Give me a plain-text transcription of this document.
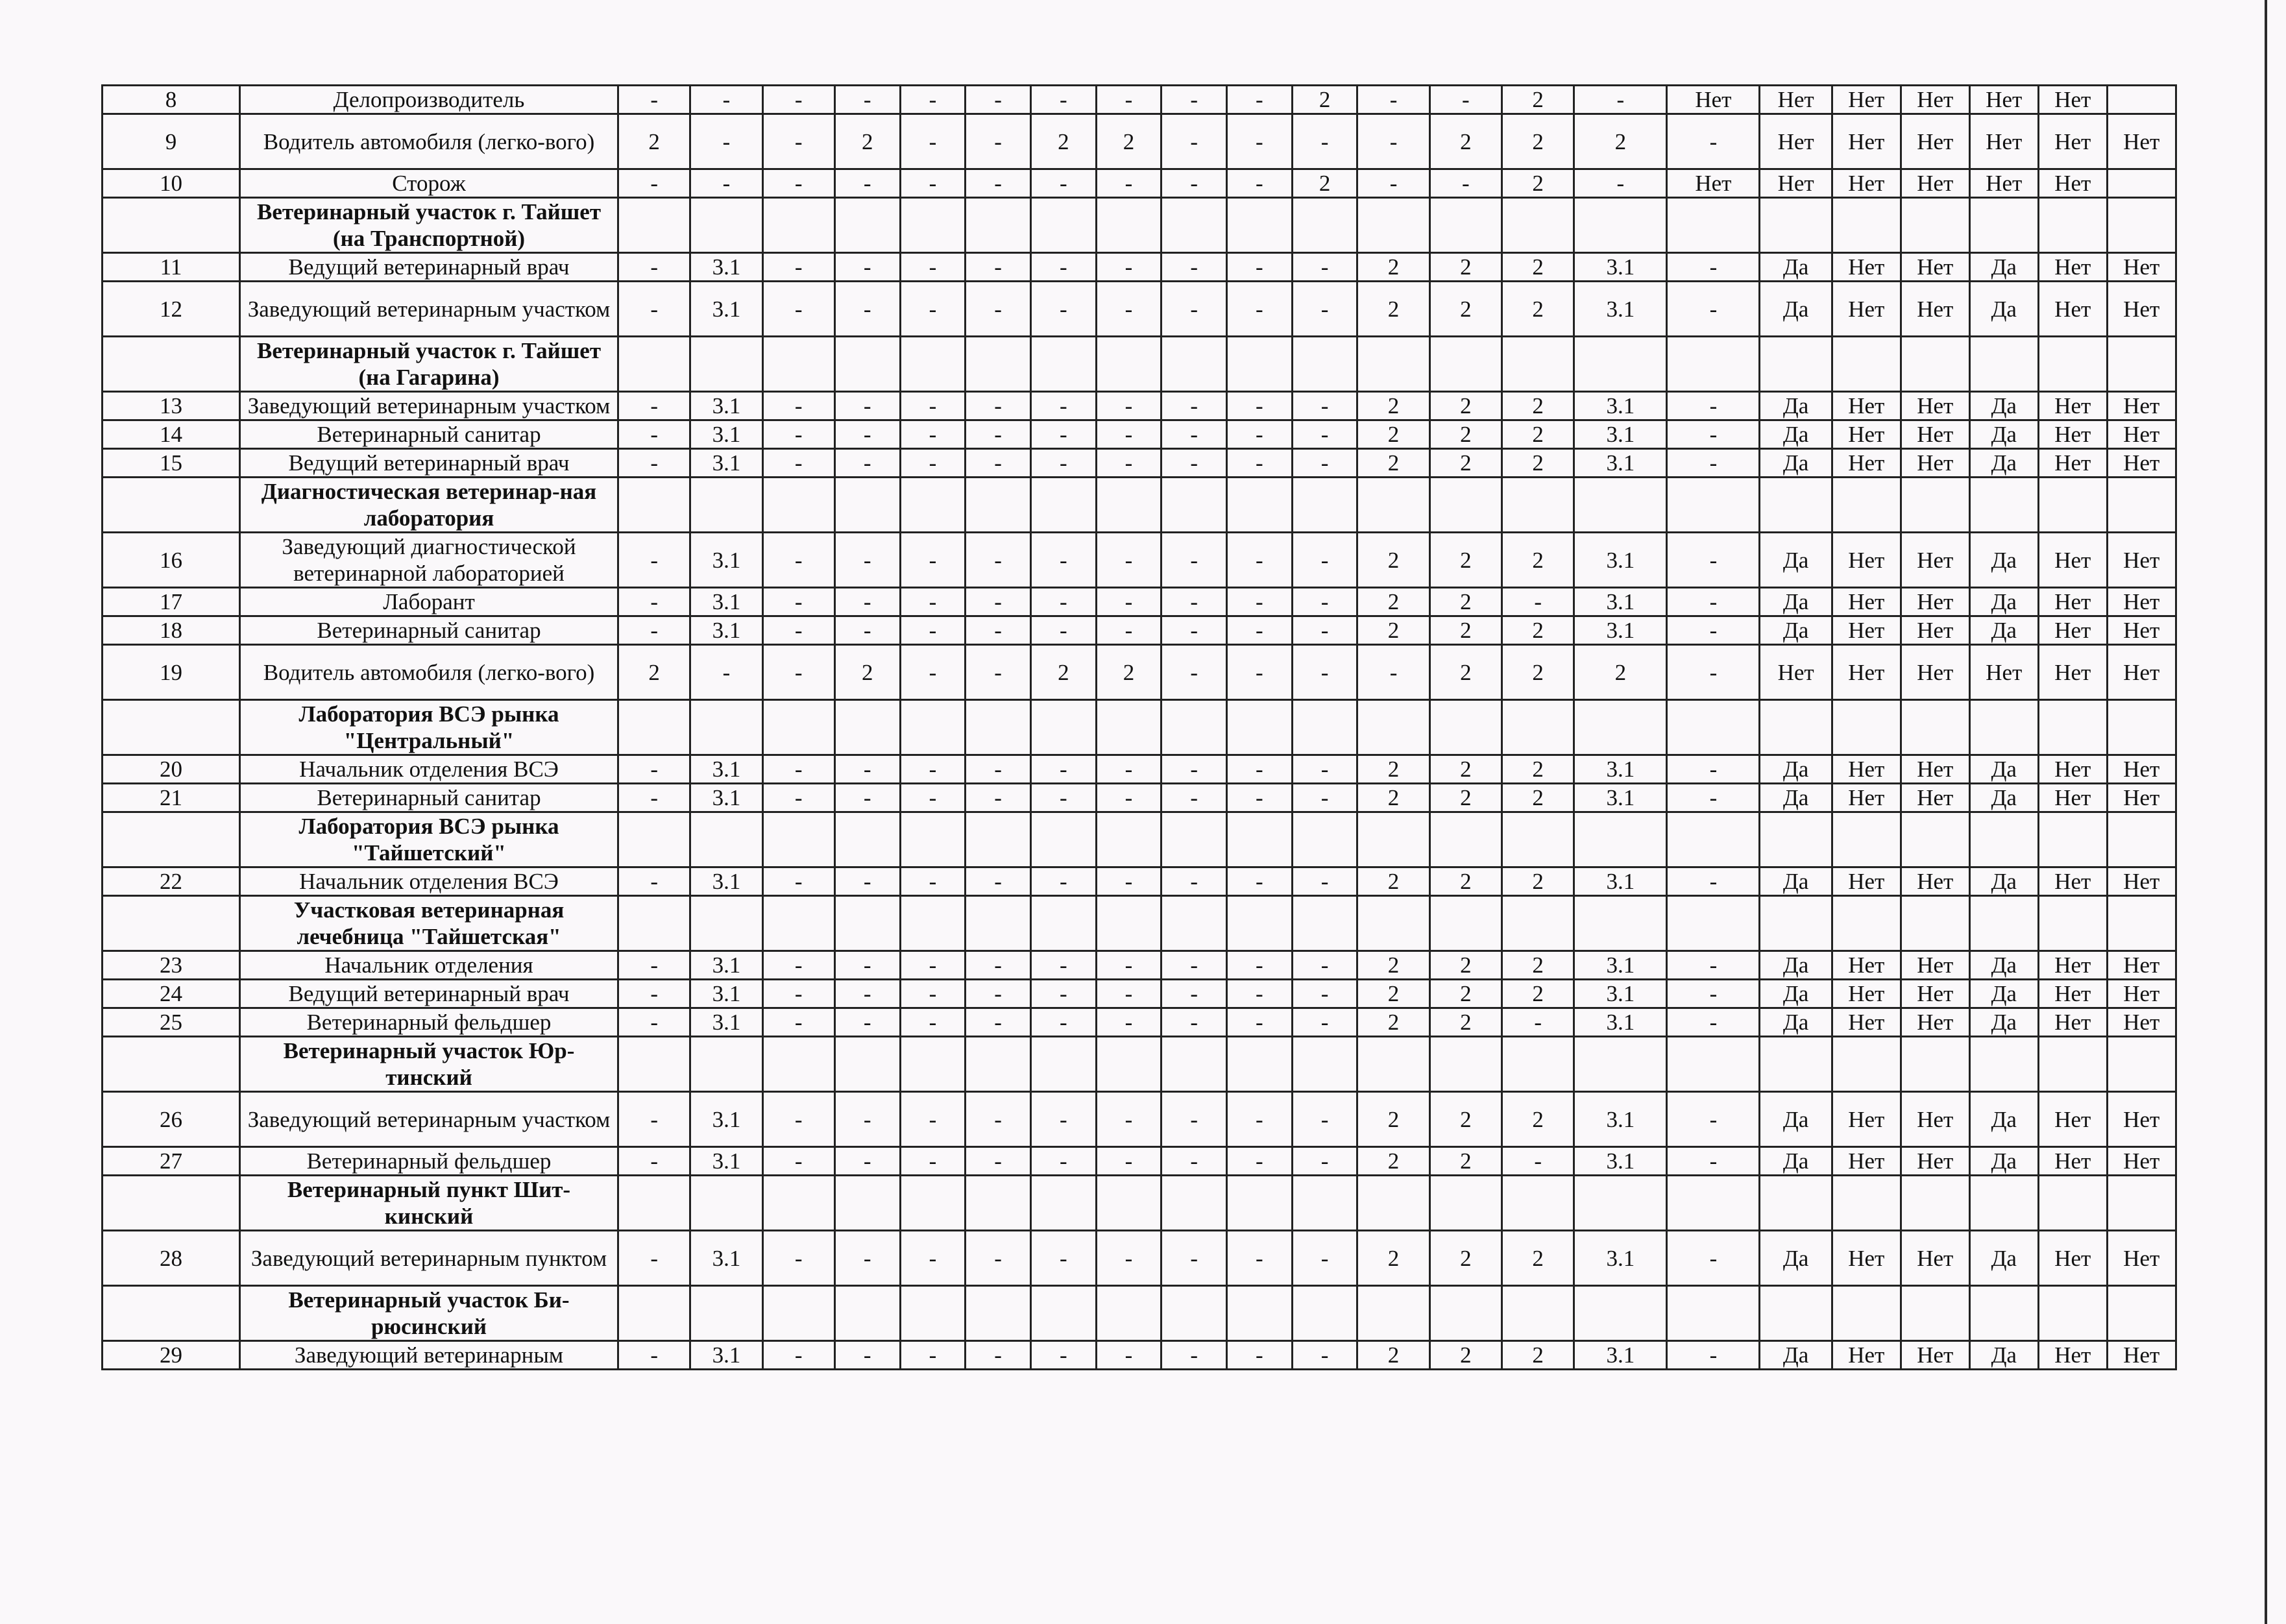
8	Делопроизводитель	-	-	-	-	-	-	-	-	-	-	2	-	-	2	-	Нет	Нет	Нет	Нет	Нет	Нет	
9	Водитель автомобиля (легко-вого)	2	-	-	2	-	-	2	2	-	-	-	-	2	2	2	-	Нет	Нет	Нет	Нет	Нет	Нет
10	Сторож	-	-	-	-	-	-	-	-	-	-	2	-	-	2	-	Нет	Нет	Нет	Нет	Нет	Нет	
	Ветеринарный участок г. Тайшет (на Транспортной)																						
11	Ведущий ветеринарный врач	-	3.1	-	-	-	-	-	-	-	-	-	2	2	2	3.1	-	Да	Нет	Нет	Да	Нет	Нет
12	Заведующий ветеринарным участком	-	3.1	-	-	-	-	-	-	-	-	-	2	2	2	3.1	-	Да	Нет	Нет	Да	Нет	Нет
	Ветеринарный участок г. Тайшет (на Гагарина)																						
13	Заведующий ветеринарным участком	-	3.1	-	-	-	-	-	-	-	-	-	2	2	2	3.1	-	Да	Нет	Нет	Да	Нет	Нет
14	Ветеринарный санитар	-	3.1	-	-	-	-	-	-	-	-	-	2	2	2	3.1	-	Да	Нет	Нет	Да	Нет	Нет
15	Ведущий ветеринарный врач	-	3.1	-	-	-	-	-	-	-	-	-	2	2	2	3.1	-	Да	Нет	Нет	Да	Нет	Нет
	Диагностическая ветеринар-ная лаборатория																						
16	Заведующий диагностической ветеринарной лабораторией	-	3.1	-	-	-	-	-	-	-	-	-	2	2	2	3.1	-	Да	Нет	Нет	Да	Нет	Нет
17	Лаборант	-	3.1	-	-	-	-	-	-	-	-	-	2	2	-	3.1	-	Да	Нет	Нет	Да	Нет	Нет
18	Ветеринарный санитар	-	3.1	-	-	-	-	-	-	-	-	-	2	2	2	3.1	-	Да	Нет	Нет	Да	Нет	Нет
19	Водитель автомобиля (легко-вого)	2	-	-	2	-	-	2	2	-	-	-	-	2	2	2	-	Нет	Нет	Нет	Нет	Нет	Нет
	Лаборатория ВСЭ рынка "Центральный"																						
20	Начальник отделения ВСЭ	-	3.1	-	-	-	-	-	-	-	-	-	2	2	2	3.1	-	Да	Нет	Нет	Да	Нет	Нет
21	Ветеринарный санитар	-	3.1	-	-	-	-	-	-	-	-	-	2	2	2	3.1	-	Да	Нет	Нет	Да	Нет	Нет
	Лаборатория ВСЭ рынка "Тайшетский"																						
22	Начальник отделения ВСЭ	-	3.1	-	-	-	-	-	-	-	-	-	2	2	2	3.1	-	Да	Нет	Нет	Да	Нет	Нет
	Участковая ветеринарная лечебница "Тайшетская"																						
23	Начальник отделения	-	3.1	-	-	-	-	-	-	-	-	-	2	2	2	3.1	-	Да	Нет	Нет	Да	Нет	Нет
24	Ведущий ветеринарный врач	-	3.1	-	-	-	-	-	-	-	-	-	2	2	2	3.1	-	Да	Нет	Нет	Да	Нет	Нет
25	Ветеринарный фельдшер	-	3.1	-	-	-	-	-	-	-	-	-	2	2	-	3.1	-	Да	Нет	Нет	Да	Нет	Нет
	Ветеринарный участок Юр-тинский																						
26	Заведующий ветеринарным участком	-	3.1	-	-	-	-	-	-	-	-	-	2	2	2	3.1	-	Да	Нет	Нет	Да	Нет	Нет
27	Ветеринарный фельдшер	-	3.1	-	-	-	-	-	-	-	-	-	2	2	-	3.1	-	Да	Нет	Нет	Да	Нет	Нет
	Ветеринарный пункт Шит-кинский																						
28	Заведующий ветеринарным пунктом	-	3.1	-	-	-	-	-	-	-	-	-	2	2	2	3.1	-	Да	Нет	Нет	Да	Нет	Нет
	Ветеринарный участок Би-рюсинский																						
29	Заведующий ветеринарным	-	3.1	-	-	-	-	-	-	-	-	-	2	2	2	3.1	-	Да	Нет	Нет	Да	Нет	Нет
